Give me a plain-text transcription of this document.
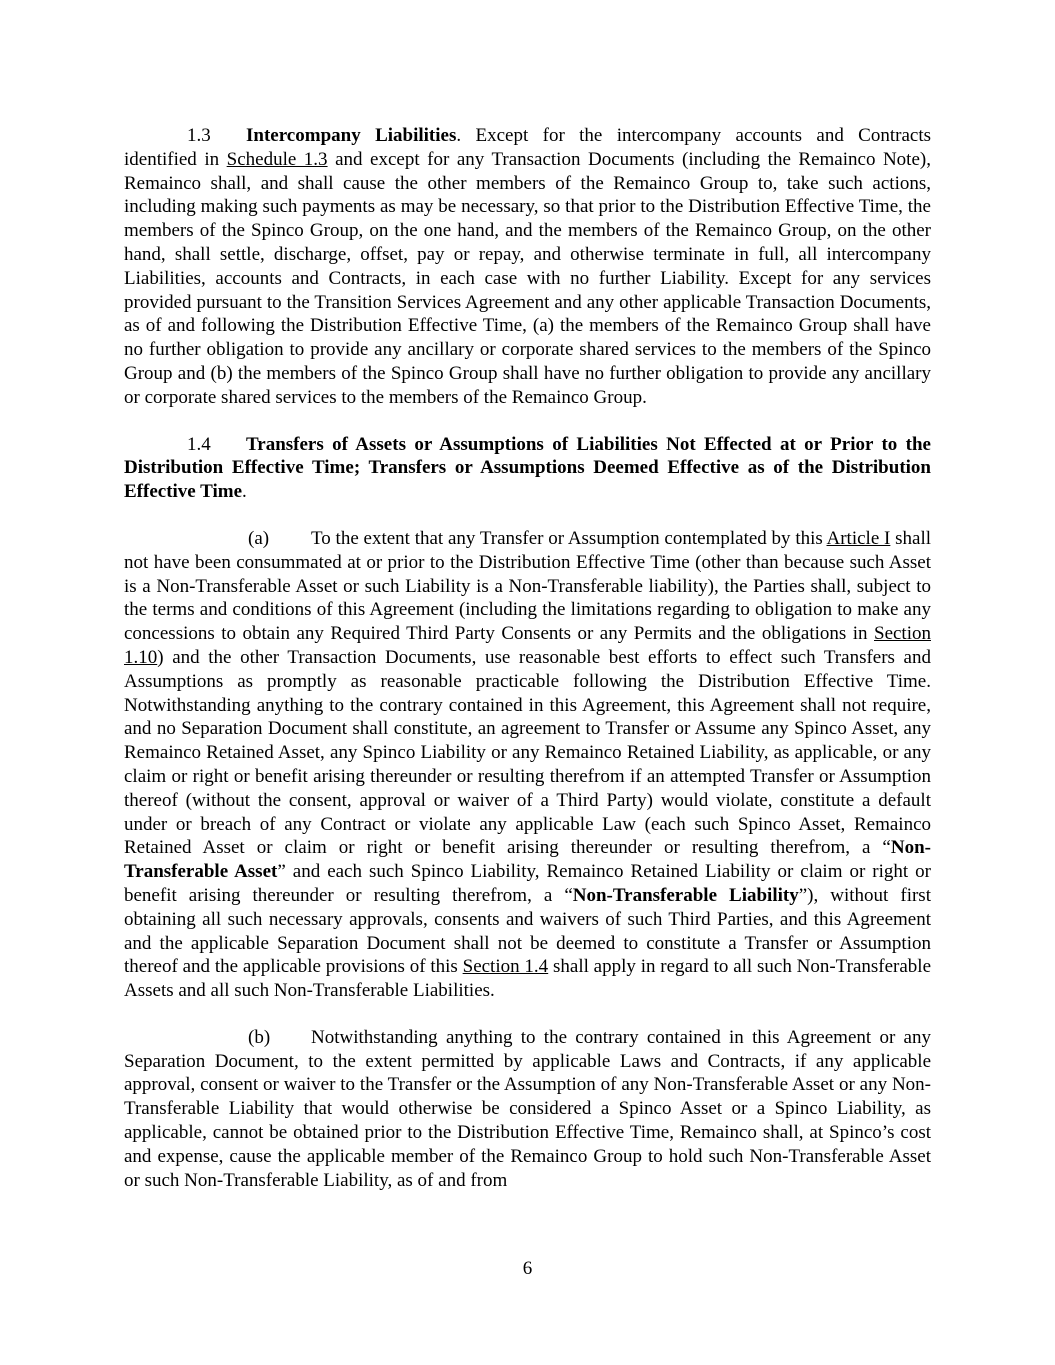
1.3 Intercompany Liabilities. Except for the intercompany accounts and Contracts identified in Schedule 1.3 and except for any Transaction Documents (including the Remainco Note), Remainco shall, and shall cause the other members of the Remainco Group to, take such actions, including making such payments as may be necessary, so that prior to the Distribution Effective Time, the members of the Spinco Group, on the one hand, and the members of the Remainco Group, on the other hand, shall settle, discharge, offset, pay or repay, and otherwise terminate in full, all intercompany Liabilities, accounts and Contracts, in each case with no further Liability. Except for any services provided pursuant to the Transition Services Agreement and any other applicable Transaction Documents, as of and following the Distribution Effective Time, (a) the members of the Remainco Group shall have no further obligation to provide any ancillary or corporate shared services to the members of the Spinco Group and (b) the members of the Spinco Group shall have no further obligation to provide any ancillary or corporate shared services to the members of the Remainco Group.

1.4 Transfers of Assets or Assumptions of Liabilities Not Effected at or Prior to the Distribution Effective Time; Transfers or Assumptions Deemed Effective as of the Distribution Effective Time.

(a) To the extent that any Transfer or Assumption contemplated by this Article I shall not have been consummated at or prior to the Distribution Effective Time (other than because such Asset is a Non-Transferable Asset or such Liability is a Non-Transferable liability), the Parties shall, subject to the terms and conditions of this Agreement (including the limitations regarding to obligation to make any concessions to obtain any Required Third Party Consents or any Permits and the obligations in Section 1.10) and the other Transaction Documents, use reasonable best efforts to effect such Transfers and Assumptions as promptly as reasonable practicable following the Distribution Effective Time. Notwithstanding anything to the contrary contained in this Agreement, this Agreement shall not require, and no Separation Document shall constitute, an agreement to Transfer or Assume any Spinco Asset, any Remainco Retained Asset, any Spinco Liability or any Remainco Retained Liability, as applicable, or any claim or right or benefit arising thereunder or resulting therefrom if an attempted Transfer or Assumption thereof (without the consent, approval or waiver of a Third Party) would violate, constitute a default under or breach of any Contract or violate any applicable Law (each such Spinco Asset, Remainco Retained Asset or claim or right or benefit arising thereunder or resulting therefrom, a “Non-Transferable Asset” and each such Spinco Liability, Remainco Retained Liability or claim or right or benefit arising thereunder or resulting therefrom, a “Non-Transferable Liability”), without first obtaining all such necessary approvals, consents and waivers of such Third Parties, and this Agreement and the applicable Separation Document shall not be deemed to constitute a Transfer or Assumption thereof and the applicable provisions of this Section 1.4 shall apply in regard to all such Non-Transferable Assets and all such Non-Transferable Liabilities.

(b) Notwithstanding anything to the contrary contained in this Agreement or any Separation Document, to the extent permitted by applicable Laws and Contracts, if any applicable approval, consent or waiver to the Transfer or the Assumption of any Non-Transferable Asset or any Non-Transferable Liability that would otherwise be considered a Spinco Asset or a Spinco Liability, as applicable, cannot be obtained prior to the Distribution Effective Time, Remainco shall, at Spinco’s cost and expense, cause the applicable member of the Remainco Group to hold such Non-Transferable Asset or such Non-Transferable Liability, as of and from

6
